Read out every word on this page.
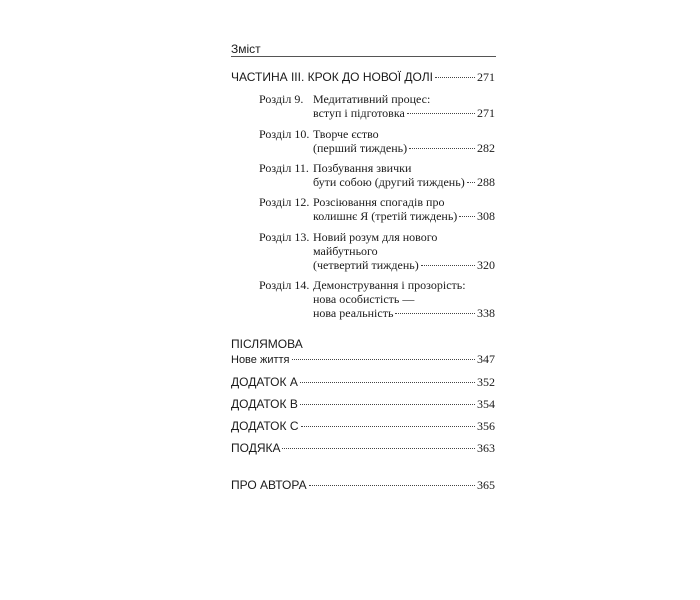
Зміст
ЧАСТИНА III. КРОК ДО НОВОЇ ДОЛІ	271
Розділ 9. Медитативний процес:
вступ і підготовка	271
Розділ 10. Творче єство
(перший тиждень)	282
Розділ 11. Позбування звички
бути собою (другий тиждень) 288
Розділ 12. Розсіювання спогадів про
колишнє Я (третій тиждень) 308
Розділ 13. Новий розум для нового
майбутнього
(четвертий тиждень)	320
Розділ 14. Демонстрування і прозорість:
нова особистість —
нова реальність	338
ПІСЛЯМОВА
Нове життя	347
ДОДАТОК А	352
ДОДАТОК В	354
ДОДАТОК С	356
ПОДЯКА	363
ПРО АВТОРА	365
